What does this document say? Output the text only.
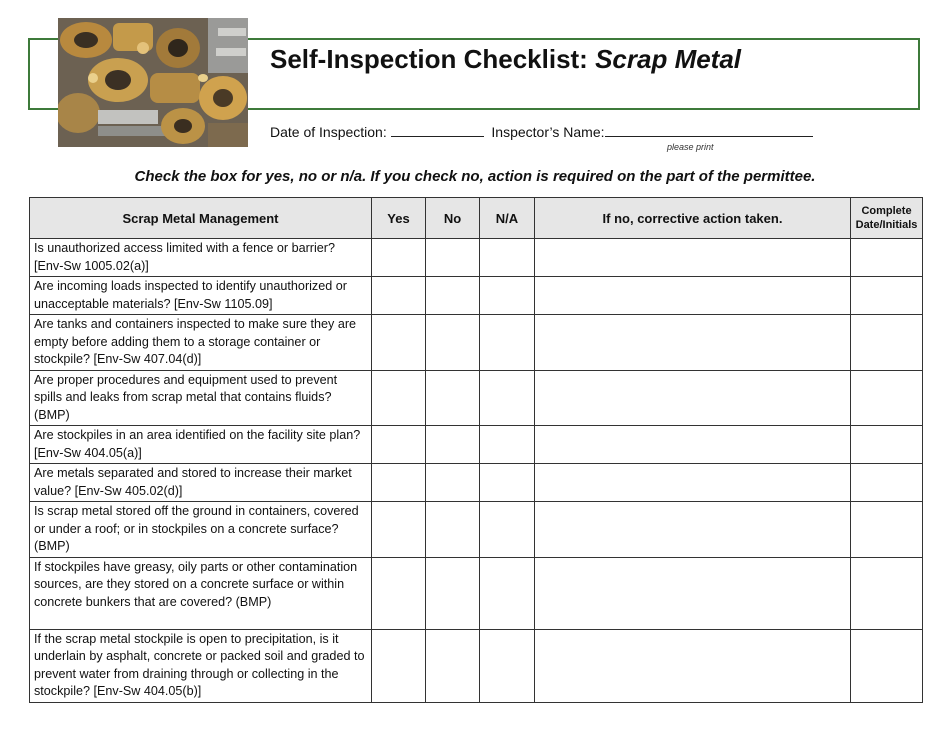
Self-Inspection Checklist: Scrap Metal
Date of Inspection:	Inspector’s Name:
please print
Check the box for yes, no or n/a. If you check no, action is required on the part of the permittee.
Scrap Metal Management	Yes	No	N/A	If no, corrective action taken.	Complete
Date/Initials
Is unauthorized access limited with a fence or barrier? [Env-Sw 1005.02(a)]					
Are incoming loads inspected to identify unauthorized or unacceptable materials? [Env-Sw 1105.09]					
Are tanks and containers inspected to make sure they are empty before adding them to a storage container or stockpile? [Env-Sw 407.04(d)]					
Are proper procedures and equipment used to prevent spills and leaks from scrap metal that contains fluids? (BMP)					
Are stockpiles in an area identified on the facility site plan? [Env-Sw 404.05(a)]					
Are metals separated and stored to increase their market value? [Env-Sw 405.02(d)]					
Is scrap metal stored off the ground in containers, covered or under a roof; or in stockpiles on a concrete surface? (BMP)					
If stockpiles have greasy, oily parts or other contamination sources, are they stored on a concrete surface or within concrete bunkers that are covered? (BMP)					
If the scrap metal stockpile is open to precipitation, is it underlain by asphalt, concrete or packed soil and graded to prevent water from draining through or collecting in the stockpile? [Env-Sw 404.05(b)]					
